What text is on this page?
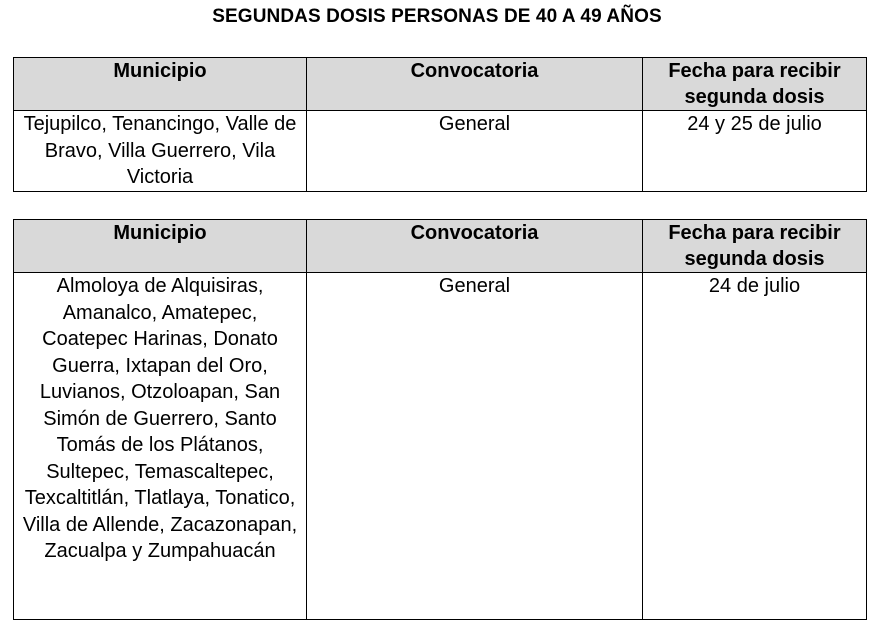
SEGUNDAS DOSIS PERSONAS DE 40 A 49 AÑOS
Municipio	Convocatoria	Fecha para recibir segunda dosis
Tejupilco, Tenancingo, Valle de Bravo, Villa Guerrero, Vila Victoria	General	24 y 25 de julio
Municipio	Convocatoria	Fecha para recibir segunda dosis
Almoloya de Alquisiras, Amanalco, Amatepec, Coatepec Harinas, Donato Guerra, Ixtapan del Oro, Luvianos, Otzoloapan, San Simón de Guerrero, Santo Tomás de los Plátanos, Sultepec, Temascaltepec, Texcaltitlán, Tlatlaya, Tonatico, Villa de Allende, Zacazonapan, Zacualpa y Zumpahuacán	General	24 de julio
